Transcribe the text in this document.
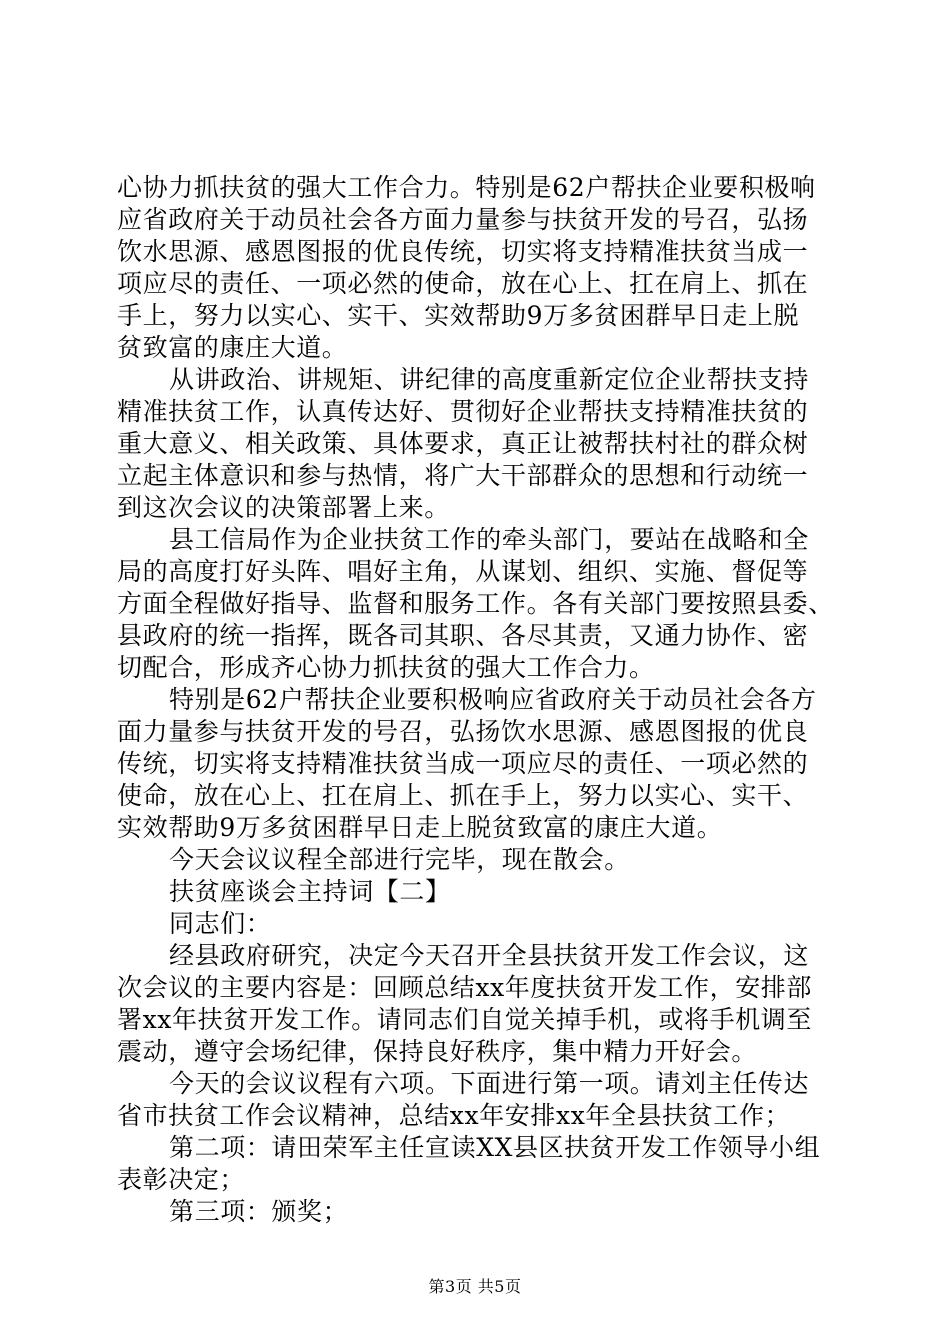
心协力抓扶贫的强大工作合力。特别是62户帮扶企业要积极响
应省政府关于动员社会各方面力量参与扶贫开发的号召，弘扬
饮水思源、感恩图报的优良传统，切实将支持精准扶贫当成一
项应尽的责任、一项必然的使命，放在心上、扛在肩上、抓在
手上，努力以实心、实干、实效帮助9万多贫困群早日走上脱
贫致富的康庄大道。
从讲政治、讲规矩、讲纪律的高度重新定位企业帮扶支持
精准扶贫工作，认真传达好、贯彻好企业帮扶支持精准扶贫的
重大意义、相关政策、具体要求，真正让被帮扶村社的群众树
立起主体意识和参与热情，将广大干部群众的思想和行动统一
到这次会议的决策部署上来。
县工信局作为企业扶贫工作的牵头部门，要站在战略和全
局的高度打好头阵、唱好主角，从谋划、组织、实施、督促等
方面全程做好指导、监督和服务工作。各有关部门要按照县委、
县政府的统一指挥，既各司其职、各尽其责，又通力协作、密
切配合，形成齐心协力抓扶贫的强大工作合力。
特别是62户帮扶企业要积极响应省政府关于动员社会各方
面力量参与扶贫开发的号召，弘扬饮水思源、感恩图报的优良
传统，切实将支持精准扶贫当成一项应尽的责任、一项必然的
使命，放在心上、扛在肩上、抓在手上，努力以实心、实干、
实效帮助9万多贫困群早日走上脱贫致富的康庄大道。
今天会议议程全部进行完毕，现在散会。
扶贫座谈会主持词【二】
同志们：
经县政府研究，决定今天召开全县扶贫开发工作会议，这
次会议的主要内容是：回顾总结xx年度扶贫开发工作，安排部
署xx年扶贫开发工作。请同志们自觉关掉手机，或将手机调至
震动，遵守会场纪律，保持良好秩序，集中精力开好会。
今天的会议议程有六项。下面进行第一项。请刘主任传达
省市扶贫工作会议精神，总结xx年安排xx年全县扶贫工作；
第二项：请田荣军主任宣读XX县区扶贫开发工作领导小组
表彰决定；
第三项：颁奖；
第3页 共5页
